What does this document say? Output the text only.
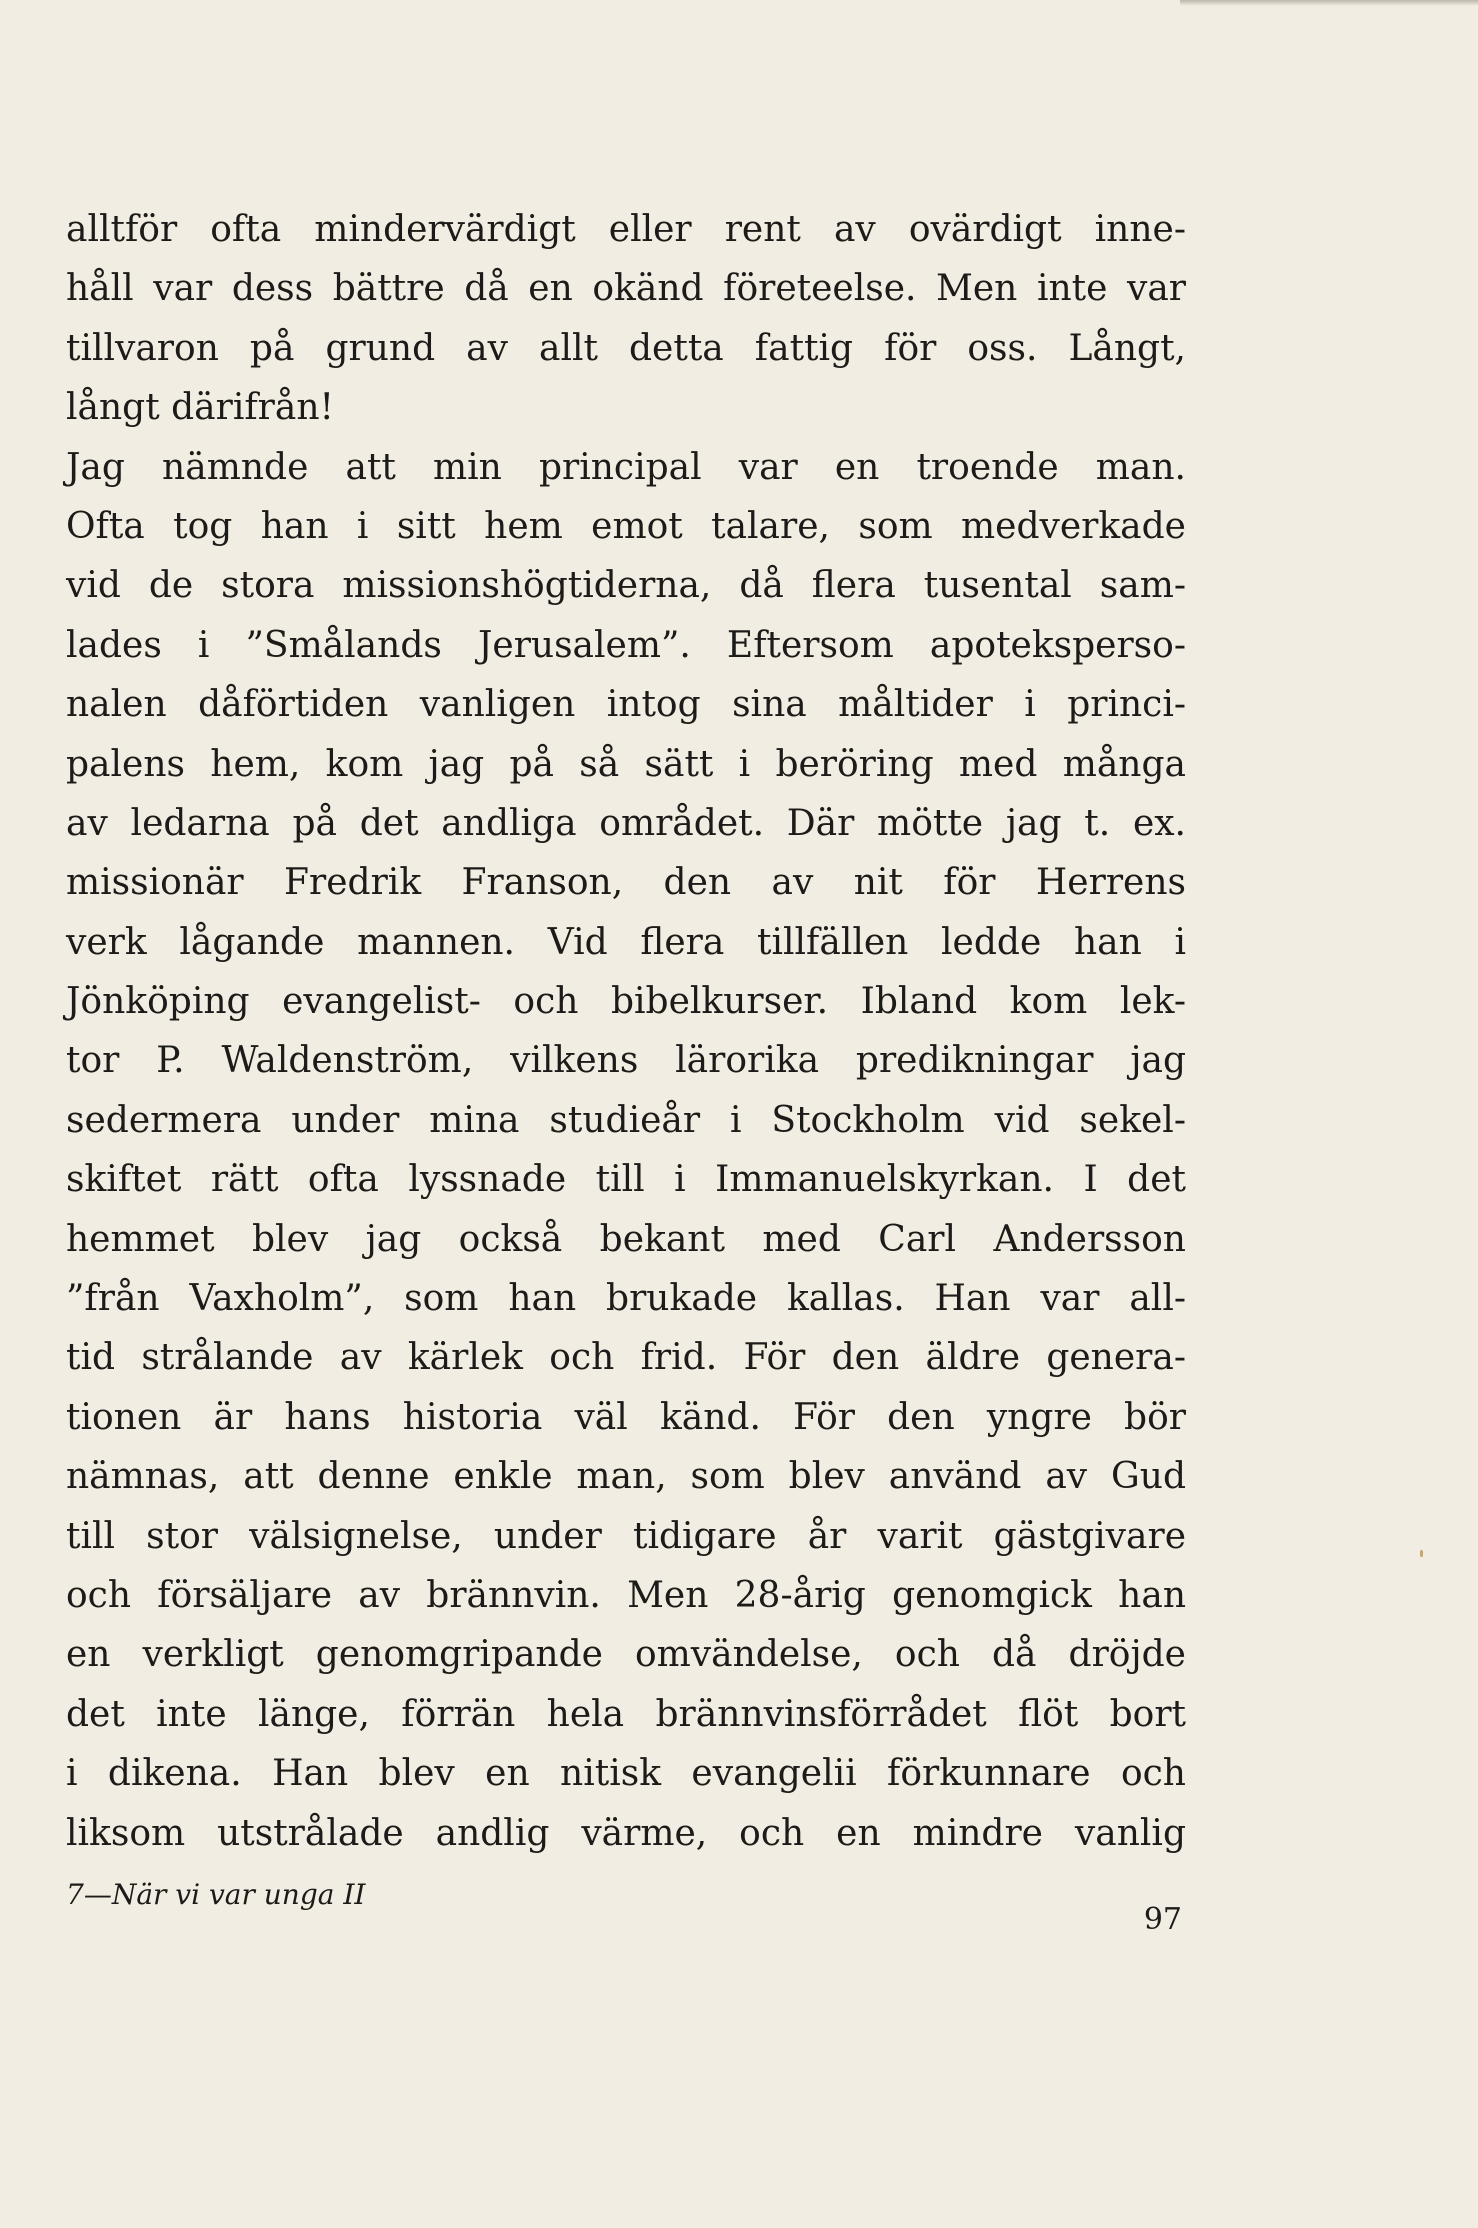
alltför ofta mindervärdigt eller rent av ovärdigt inne-
håll var dess bättre då en okänd företeelse. Men inte var
tillvaron på grund av allt detta fattig för oss. Långt,
långt därifrån!
Jag nämnde att min principal var en troende man.
Ofta tog han i sitt hem emot talare, som medverkade
vid de stora missionshögtiderna, då flera tusental sam-
lades i ”Smålands Jerusalem”. Eftersom apoteksperso-
nalen dåförtiden vanligen intog sina måltider i princi-
palens hem, kom jag på så sätt i beröring med många
av ledarna på det andliga området. Där mötte jag t. ex.
missionär Fredrik Franson, den av nit för Herrens
verk lågande mannen. Vid flera tillfällen ledde han i
Jönköping evangelist- och bibelkurser. Ibland kom lek-
tor P. Waldenström, vilkens lärorika predikningar jag
sedermera under mina studieår i Stockholm vid sekel-
skiftet rätt ofta lyssnade till i Immanuelskyrkan. I det
hemmet blev jag också bekant med Carl Andersson
”från Vaxholm”, som han brukade kallas. Han var all-
tid strålande av kärlek och frid. För den äldre genera-
tionen är hans historia väl känd. För den yngre bör
nämnas, att denne enkle man, som blev använd av Gud
till stor välsignelse, under tidigare år varit gästgivare
och försäljare av brännvin. Men 28-årig genomgick han
en verkligt genomgripande omvändelse, och då dröjde
det inte länge, förrän hela brännvinsförrådet flöt bort
i dikena. Han blev en nitisk evangelii förkunnare och
liksom utstrålade andlig värme, och en mindre vanlig
7—När vi var unga II
97
